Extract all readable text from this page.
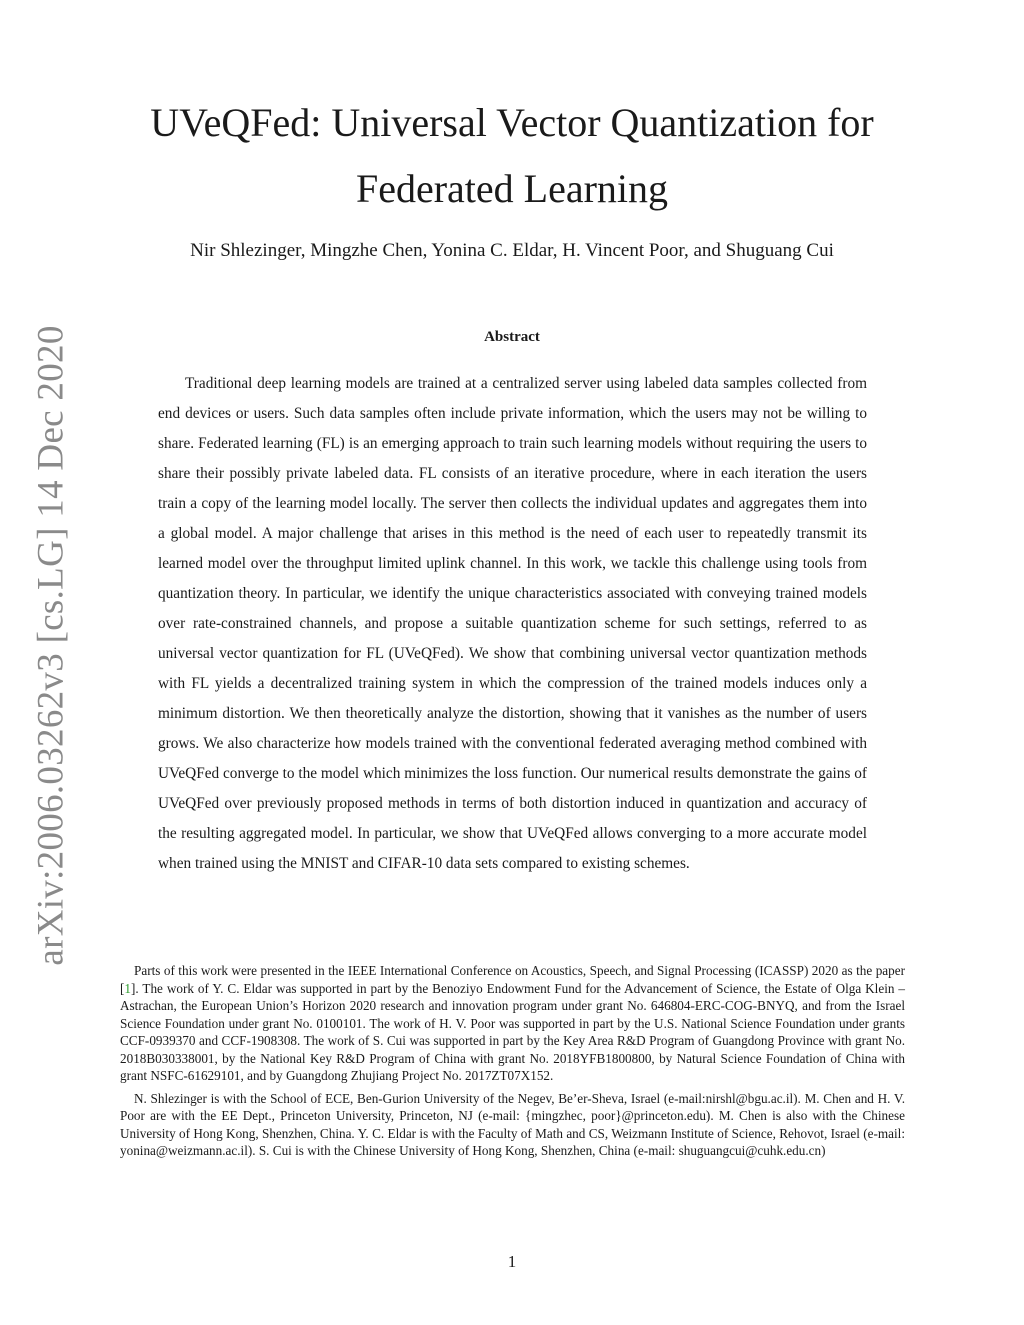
arXiv:2006.03262v3 [cs.LG] 14 Dec 2020
UVeQFed: Universal Vector Quantization for
Federated Learning
Nir Shlezinger, Mingzhe Chen, Yonina C. Eldar, H. Vincent Poor, and Shuguang Cui
Abstract

Traditional deep learning models are trained at a centralized server using labeled data samples collected from end devices or users. Such data samples often include private information, which the users may not be willing to share. Federated learning (FL) is an emerging approach to train such learning models without requiring the users to share their possibly private labeled data. FL consists of an iterative procedure, where in each iteration the users train a copy of the learning model locally. The server then collects the individual updates and aggregates them into a global model. A major challenge that arises in this method is the need of each user to repeatedly transmit its learned model over the throughput limited uplink channel. In this work, we tackle this challenge using tools from quantization theory. In particular, we identify the unique characteristics associated with conveying trained models over rate-constrained channels, and propose a suitable quantization scheme for such settings, referred to as universal vector quantization for FL (UVeQFed). We show that combining universal vector quantization methods with FL yields a decentralized training system in which the compression of the trained models induces only a minimum distortion. We then theoretically analyze the distortion, showing that it vanishes as the number of users grows. We also characterize how models trained with the conventional federated averaging method combined with UVeQFed converge to the model which minimizes the loss function. Our numerical results demonstrate the gains of UVeQFed over previously proposed methods in terms of both distortion induced in quantization and accuracy of the resulting aggregated model. In particular, we show that UVeQFed allows converging to a more accurate model when trained using the MNIST and CIFAR-10 data sets compared to existing schemes.

Parts of this work were presented in the IEEE International Conference on Acoustics, Speech, and Signal Processing (ICASSP) 2020 as the paper [1]. The work of Y. C. Eldar was supported in part by the Benoziyo Endowment Fund for the Advancement of Science, the Estate of Olga Klein – Astrachan, the European Union’s Horizon 2020 research and innovation program under grant No. 646804-ERC-COG-BNYQ, and from the Israel Science Foundation under grant No. 0100101. The work of H. V. Poor was supported in part by the U.S. National Science Foundation under grants CCF-0939370 and CCF-1908308. The work of S. Cui was supported in part by the Key Area R&D Program of Guangdong Province with grant No. 2018B030338001, by the National Key R&D Program of China with grant No. 2018YFB1800800, by Natural Science Foundation of China with grant NSFC-61629101, and by Guangdong Zhujiang Project No. 2017ZT07X152.

N. Shlezinger is with the School of ECE, Ben-Gurion University of the Negev, Be’er-Sheva, Israel (e-mail:nirshl@bgu.ac.il). M. Chen and H. V. Poor are with the EE Dept., Princeton University, Princeton, NJ (e-mail: {mingzhec, poor}@princeton.edu). M. Chen is also with the Chinese University of Hong Kong, Shenzhen, China. Y. C. Eldar is with the Faculty of Math and CS, Weizmann Institute of Science, Rehovot, Israel (e-mail: yonina@weizmann.ac.il). S. Cui is with the Chinese University of Hong Kong, Shenzhen, China (e-mail: shuguangcui@cuhk.edu.cn)

1
